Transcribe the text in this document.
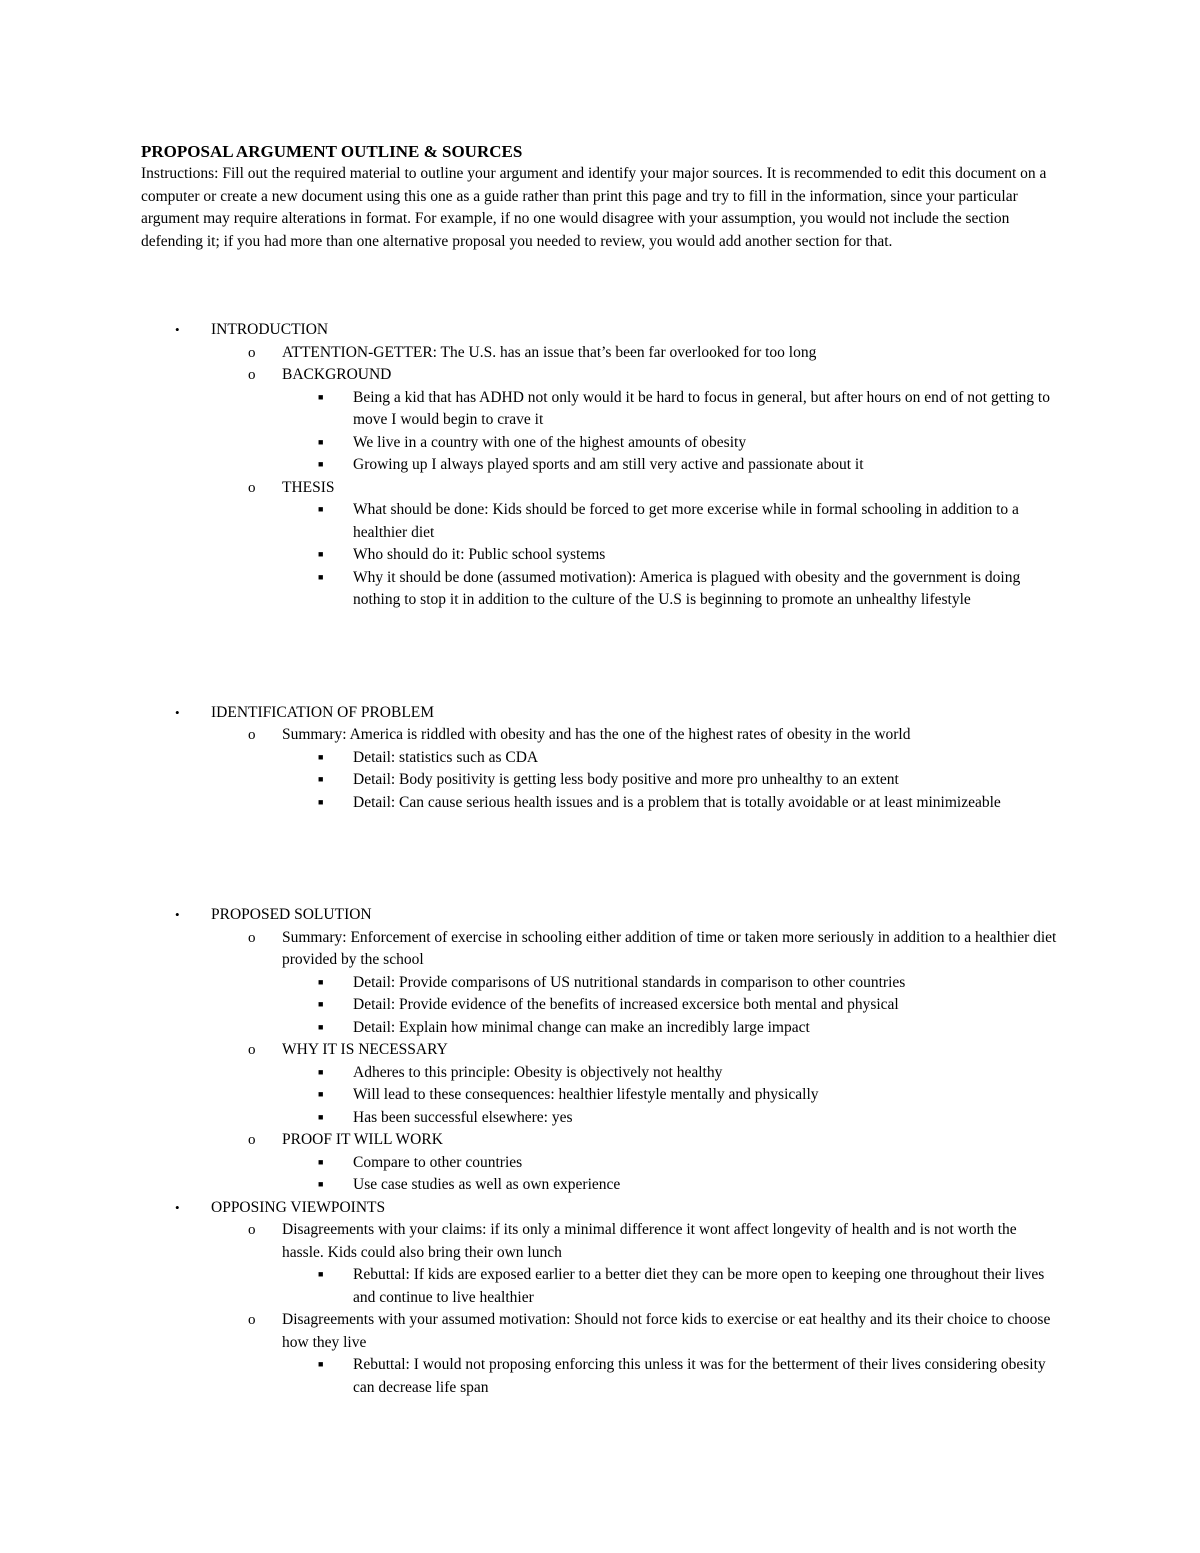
PROPOSAL ARGUMENT OUTLINE & SOURCES

Instructions: Fill out the required material to outline your argument and identify your major sources. It is recommended to edit this document on a computer or create a new document using this one as a guide rather than print this page and try to fill in the information, since your particular argument may require alterations in format. For example, if no one would disagree with your assumption, you would not include the section defending it; if you had more than one alternative proposal you needed to review, you would add another section for that.

• INTRODUCTION
o ATTENTION-GETTER: The U.S. has an issue that’s been far overlooked for too long
o BACKGROUND
■ Being a kid that has ADHD not only would it be hard to focus in general, but after hours on end of not getting to move I would begin to crave it
■ We live in a country with one of the highest amounts of obesity
■ Growing up I always played sports and am still very active and passionate about it
o THESIS
■ What should be done: Kids should be forced to get more excerise while in formal schooling in addition to a healthier diet
■ Who should do it: Public school systems
■ Why it should be done (assumed motivation): America is plagued with obesity and the government is doing nothing to stop it in addition to the culture of the U.S is beginning to promote an unhealthy lifestyle
• IDENTIFICATION OF PROBLEM
o Summary: America is riddled with obesity and has the one of the highest rates of obesity in the world
■ Detail: statistics such as CDA
■ Detail: Body positivity is getting less body positive and more pro unhealthy to an extent
■ Detail: Can cause serious health issues and is a problem that is totally avoidable or at least minimizeable
• PROPOSED SOLUTION
o Summary: Enforcement of exercise in schooling either addition of time or taken more seriously in addition to a healthier diet provided by the school
■ Detail: Provide comparisons of US nutritional standards in comparison to other countries
■ Detail: Provide evidence of the benefits of increased excersice both mental and physical
■ Detail: Explain how minimal change can make an incredibly large impact
o WHY IT IS NECESSARY
■ Adheres to this principle: Obesity is objectively not healthy
■ Will lead to these consequences: healthier lifestyle mentally and physically
■ Has been successful elsewhere: yes
o PROOF IT WILL WORK
■ Compare to other countries
■ Use case studies as well as own experience
• OPPOSING VIEWPOINTS
o Disagreements with your claims: if its only a minimal difference it wont affect longevity of health and is not worth the hassle. Kids could also bring their own lunch
■ Rebuttal: If kids are exposed earlier to a better diet they can be more open to keeping one throughout their lives and continue to live healthier
o Disagreements with your assumed motivation: Should not force kids to exercise or eat healthy and its their choice to choose how they live
■ Rebuttal: I would not proposing enforcing this unless it was for the betterment of their lives considering obesity can decrease life span
